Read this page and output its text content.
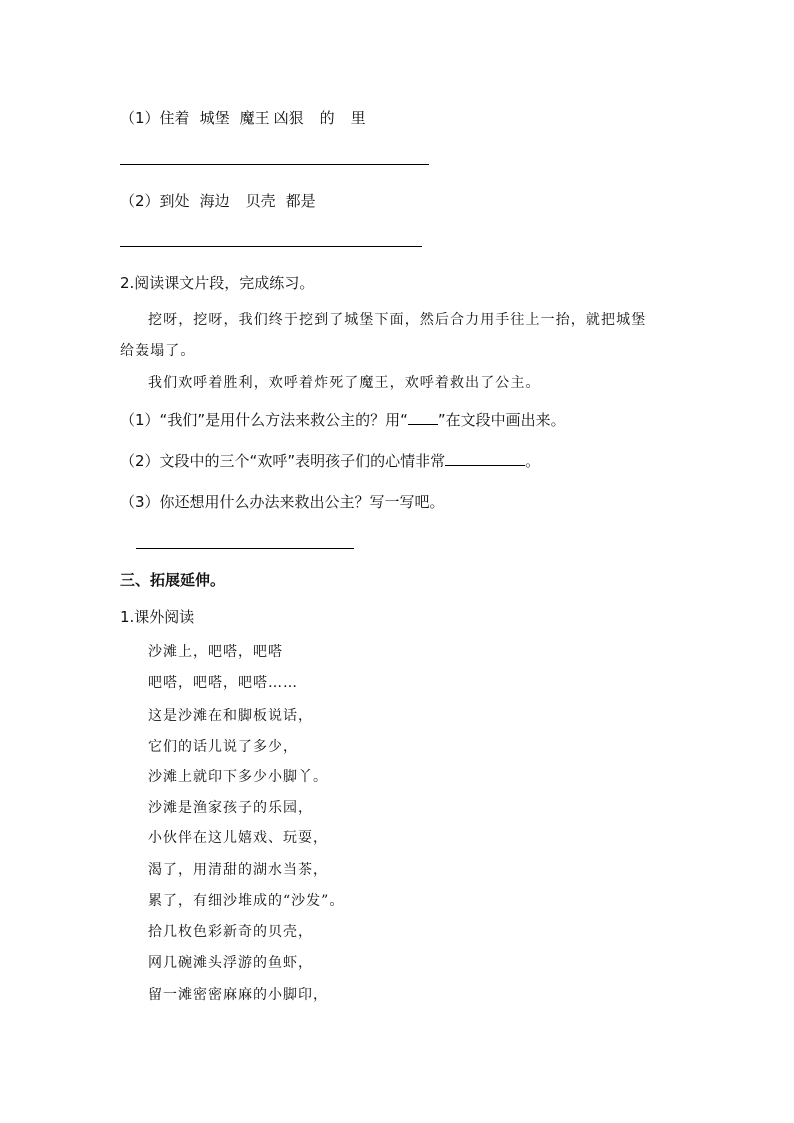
（1）住着 城堡 魔王 凶狠 的 里
（2）到处 海边 贝壳 都是
2.阅读课文片段，完成练习。
挖呀，挖呀，我们终于挖到了城堡下面，然后合力用手往上一抬，就把城堡
给轰塌了。
我们欢呼着胜利，欢呼着炸死了魔王，欢呼着救出了公主。
（1）“我们”是用什么方法来救公主的？用“ ”在文段中画出来。
（2）文段中的三个“欢呼”表明孩子们的心情非常	。
（3）你还想用什么办法来救出公主？写一写吧。
三、拓展延伸。
1.课外阅读
沙滩上，吧嗒，吧嗒
吧嗒，吧嗒，吧嗒……
这是沙滩在和脚板说话，
它们的话儿说了多少，
沙滩上就印下多少小脚丫。
沙滩是渔家孩子的乐园，
小伙伴在这儿嬉戏、玩耍，
渴了，用清甜的湖水当茶，
累了，有细沙堆成的“沙发”。
拾几枚色彩新奇的贝壳，
网几碗滩头浮游的鱼虾，
留一滩密密麻麻的小脚印，
